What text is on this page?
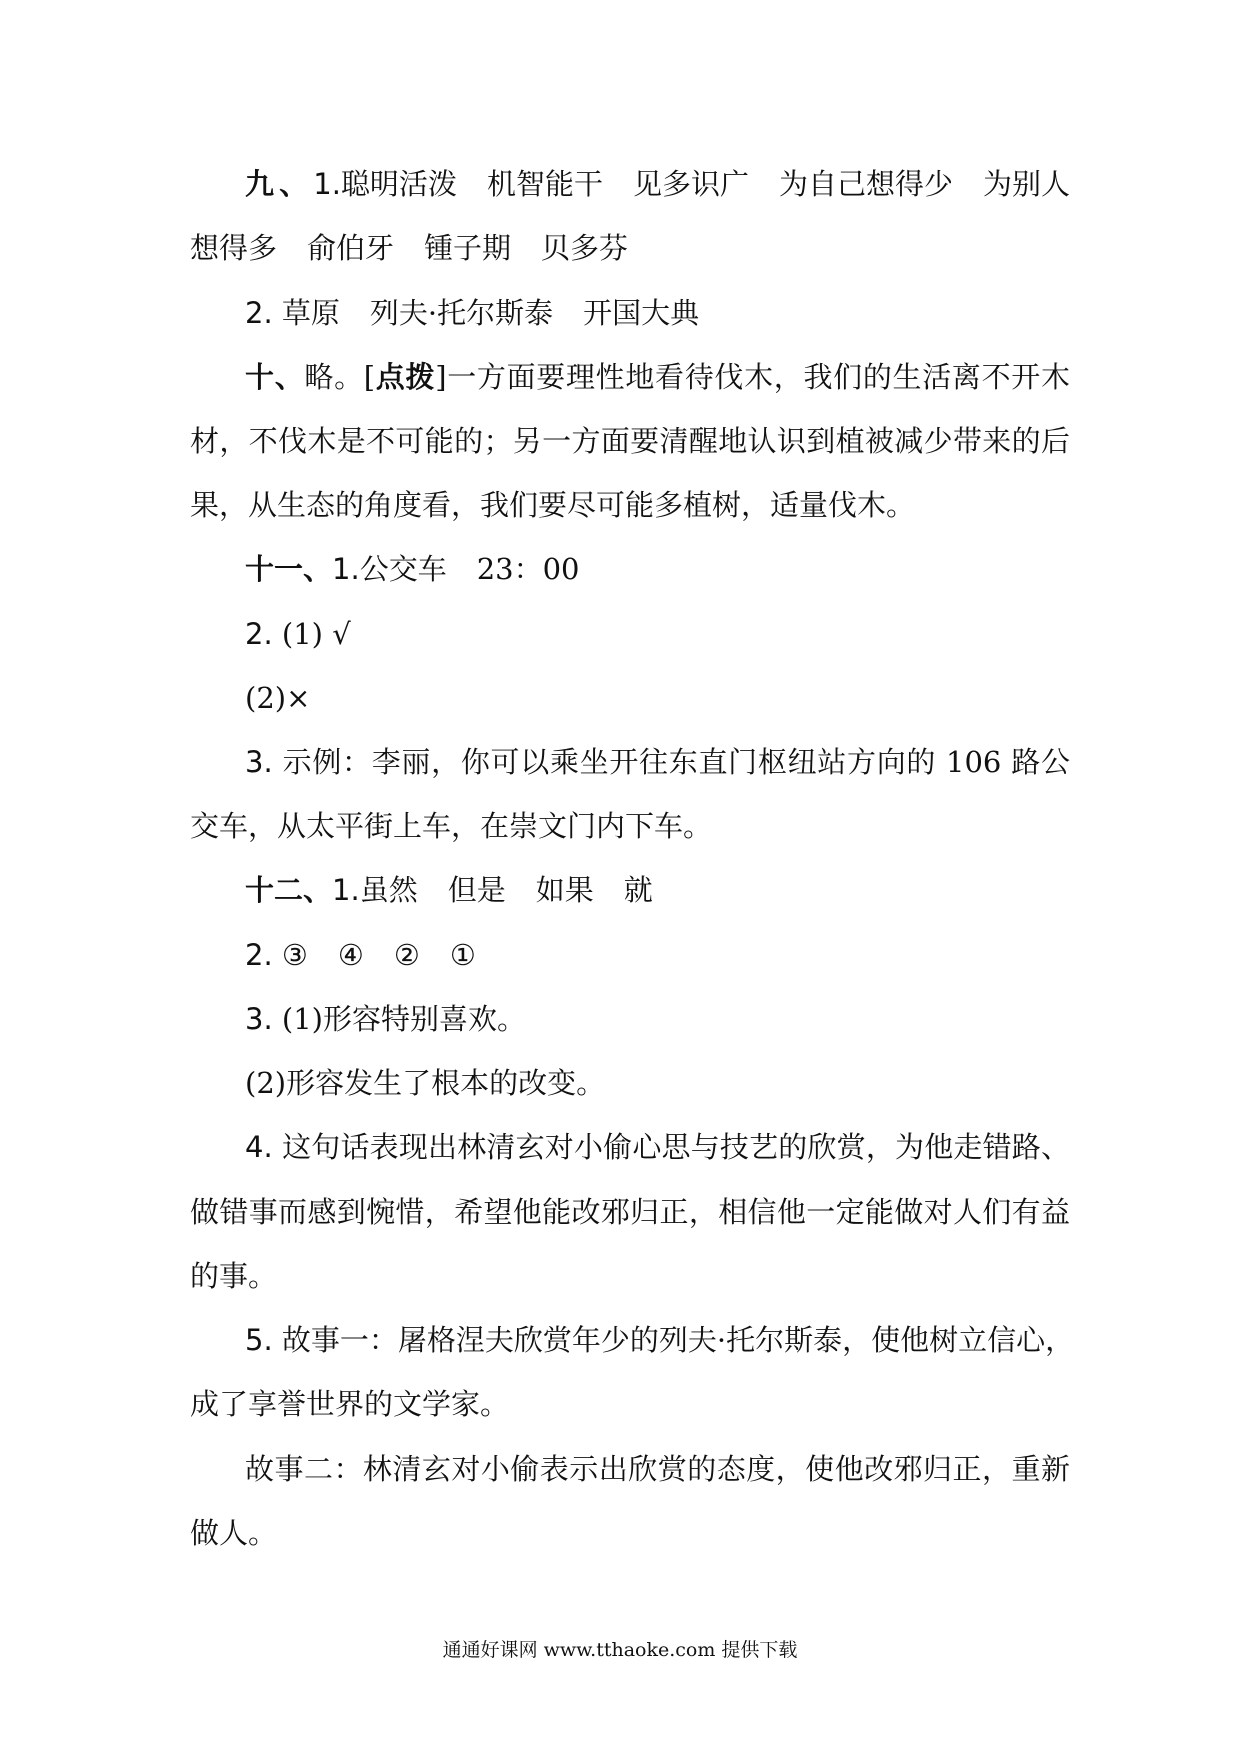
九、1.聪明活泼 机智能干 见多识广 为自己想得少 为别人
想得多 俞伯牙 锺子期 贝多芬
2. 草原 列夫·托尔斯泰 开国大典
十、略。[点拨]一方面要理性地看待伐木，我们的生活离不开木
材，不伐木是不可能的；另一方面要清醒地认识到植被减少带来的后
果，从生态的角度看，我们要尽可能多植树，适量伐木。
十一、1.公交车 23：00
2. (1) √
(2)×
3. 示例：李丽，你可以乘坐开往东直门枢纽站方向的 106 路公
交车，从太平街上车，在崇文门内下车。
十二、1.虽然 但是 如果 就
2. ③ ④ ② ①
3. (1)形容特别喜欢。
(2)形容发生了根本的改变。
4. 这句话表现出林清玄对小偷心思与技艺的欣赏，为他走错路、
做错事而感到惋惜，希望他能改邪归正，相信他一定能做对人们有益
的事。
5. 故事一：屠格涅夫欣赏年少的列夫·托尔斯泰，使他树立信心，
成了享誉世界的文学家。
故事二：林清玄对小偷表示出欣赏的态度，使他改邪归正，重新
做人。
通通好课网 www.tthaoke.com 提供下载
